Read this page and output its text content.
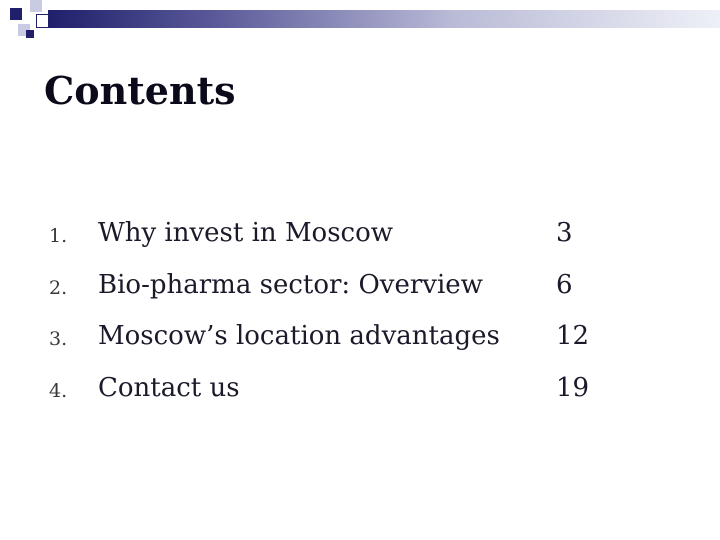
Contents
1. Why invest in Moscow	3
2. Bio-pharma sector: Overview	6
3. Moscow’s location advantages 12
4. Contact us	19
